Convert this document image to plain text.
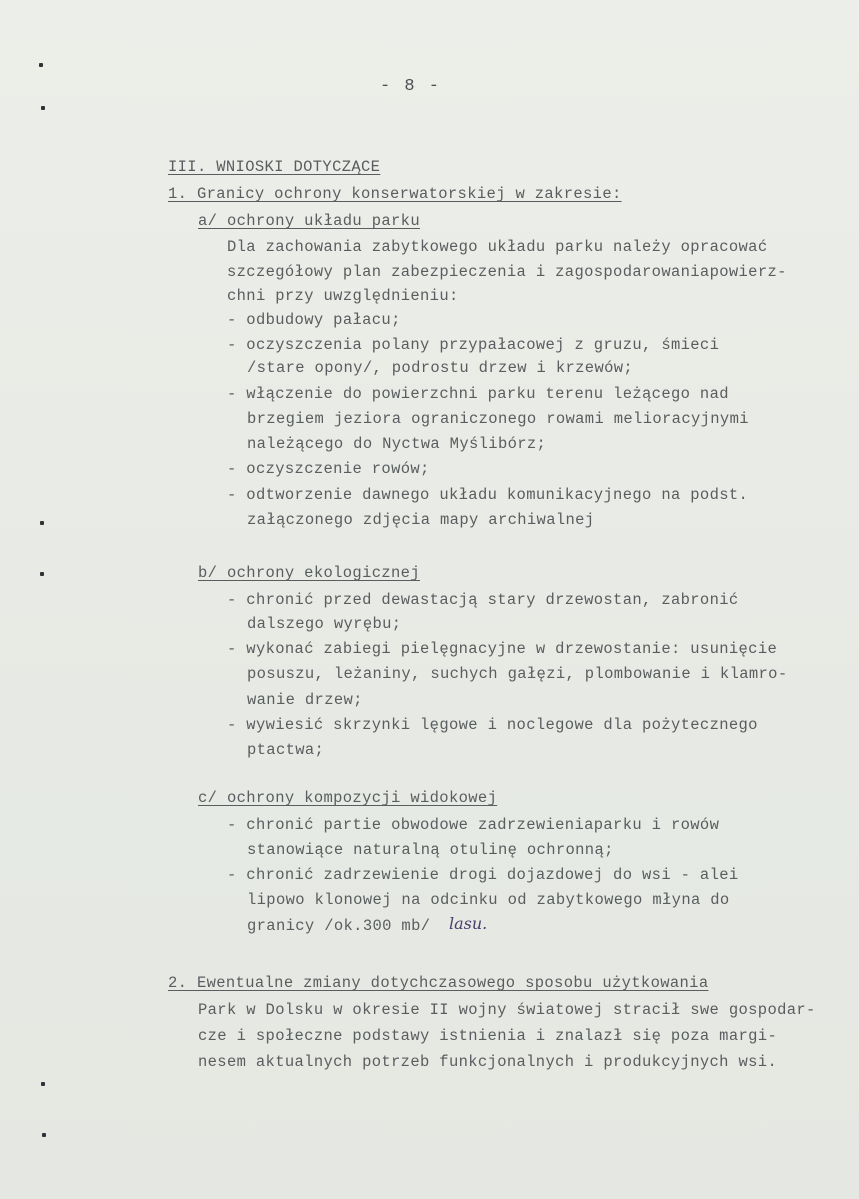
- 8 -
III. WNIOSKI DOTYCZĄCE
1. Granicy ochrony konserwatorskiej w zakresie:
a/ ochrony układu parku
Dla zachowania zabytkowego układu parku należy opracować
szczegółowy plan zabezpieczenia i zagospodarowaniapowierz-
chni przy uwzględnieniu:
- odbudowy pałacu;
- oczyszczenia polany przypałacowej z gruzu, śmieci
/stare opony/, podrostu drzew i krzewów;
- włączenie do powierzchni parku terenu leżącego nad
brzegiem jeziora ograniczonego rowami melioracyjnymi
należącego do Nyctwa Myślibórz;
- oczyszczenie rowów;
- odtworzenie dawnego układu komunikacyjnego na podst.
załączonego zdjęcia mapy archiwalnej
b/ ochrony ekologicznej
- chronić przed dewastacją stary drzewostan, zabronić
dalszego wyrębu;
- wykonać zabiegi pielęgnacyjne w drzewostanie: usunięcie
posuszu, leżaniny, suchych gałęzi, plombowanie i klamro-
wanie drzew;
- wywiesić skrzynki lęgowe i noclegowe dla pożytecznego
ptactwa;
c/ ochrony kompozycji widokowej
- chronić partie obwodowe zadrzewieniaparku i rowów
stanowiące naturalną otulinę ochronną;
- chronić zadrzewienie drogi dojazdowej do wsi - alei
lipowo klonowej na odcinku od zabytkowego młyna do
granicy /ok.300 mb/ lasu.
2. Ewentualne zmiany dotychczasowego sposobu użytkowania
Park w Dolsku w okresie II wojny światowej stracił swe gospodar-
cze i społeczne podstawy istnienia i znalazł się poza margi-
nesem aktualnych potrzeb funkcjonalnych i produkcyjnych wsi.
